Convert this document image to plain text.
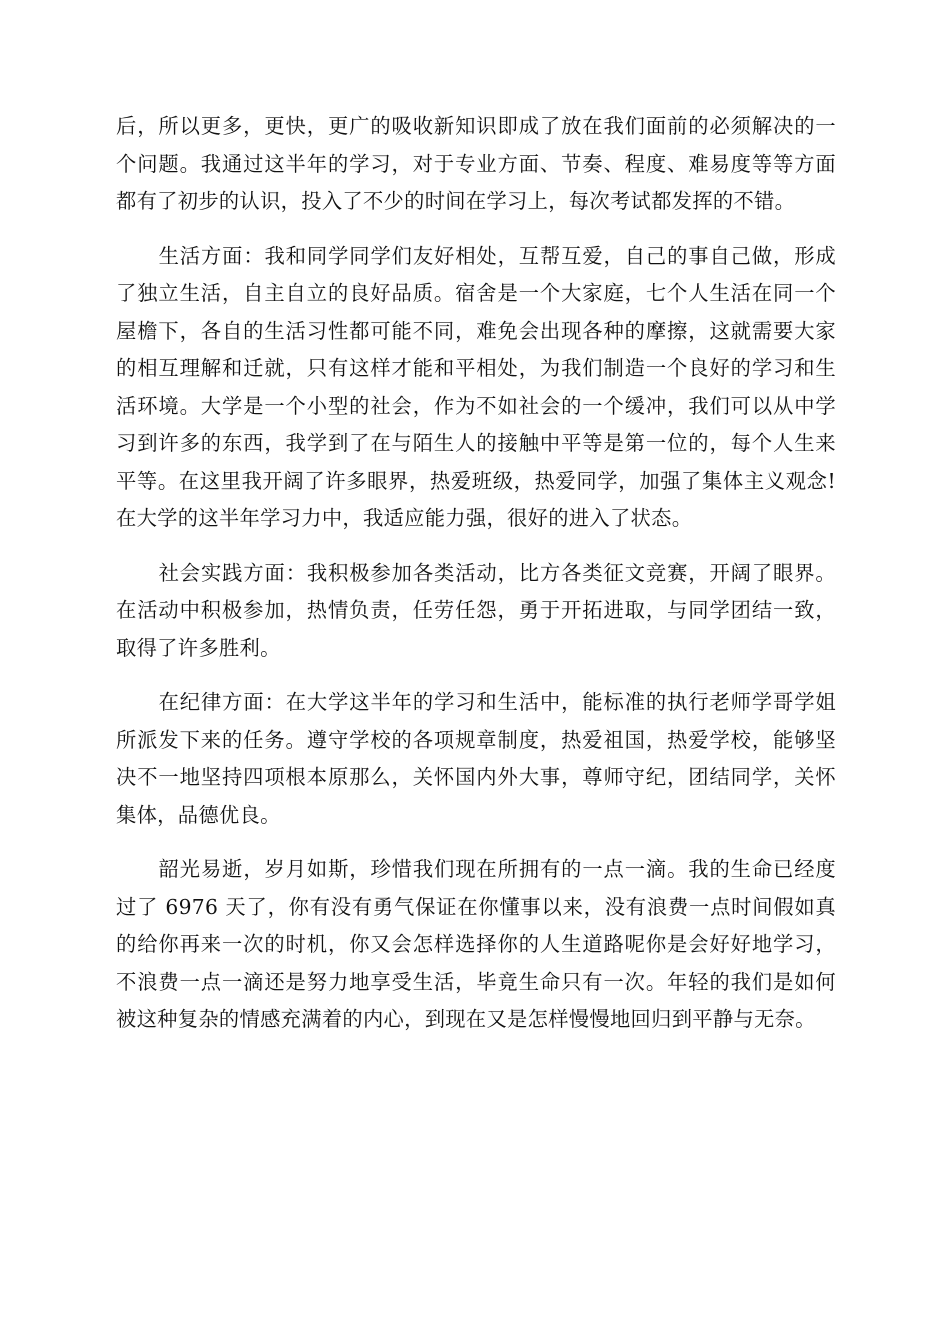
后，所以更多，更快，更广的吸收新知识即成了放在我们面前的必须解决的一个问题。我通过这半年的学习，对于专业方面、节奏、程度、难易度等等方面都有了初步的认识，投入了不少的时间在学习上，每次考试都发挥的不错。

生活方面：我和同学同学们友好相处，互帮互爱，自己的事自己做，形成了独立生活，自主自立的良好品质。宿舍是一个大家庭，七个人生活在同一个屋檐下，各自的生活习性都可能不同，难免会出现各种的摩擦，这就需要大家的相互理解和迁就，只有这样才能和平相处，为我们制造一个良好的学习和生活环境。大学是一个小型的社会，作为不如社会的一个缓冲，我们可以从中学习到许多的东西，我学到了在与陌生人的接触中平等是第一位的，每个人生来平等。在这里我开阔了许多眼界，热爱班级，热爱同学，加强了集体主义观念!在大学的这半年学习力中，我适应能力强，很好的进入了状态。

社会实践方面：我积极参加各类活动，比方各类征文竞赛，开阔了眼界。在活动中积极参加，热情负责，任劳任怨，勇于开拓进取，与同学团结一致，取得了许多胜利。

在纪律方面：在大学这半年的学习和生活中，能标准的执行老师学哥学姐所派发下来的任务。遵守学校的各项规章制度，热爱祖国，热爱学校，能够坚决不一地坚持四项根本原那么，关怀国内外大事，尊师守纪，团结同学，关怀集体，品德优良。

韶光易逝，岁月如斯，珍惜我们现在所拥有的一点一滴。我的生命已经度过了 6976 天了，你有没有勇气保证在你懂事以来，没有浪费一点时间假如真的给你再来一次的时机，你又会怎样选择你的人生道路呢你是会好好地学习，不浪费一点一滴还是努力地享受生活，毕竟生命只有一次。年轻的我们是如何被这种复杂的情感充满着的内心，到现在又是怎样慢慢地回归到平静与无奈。
